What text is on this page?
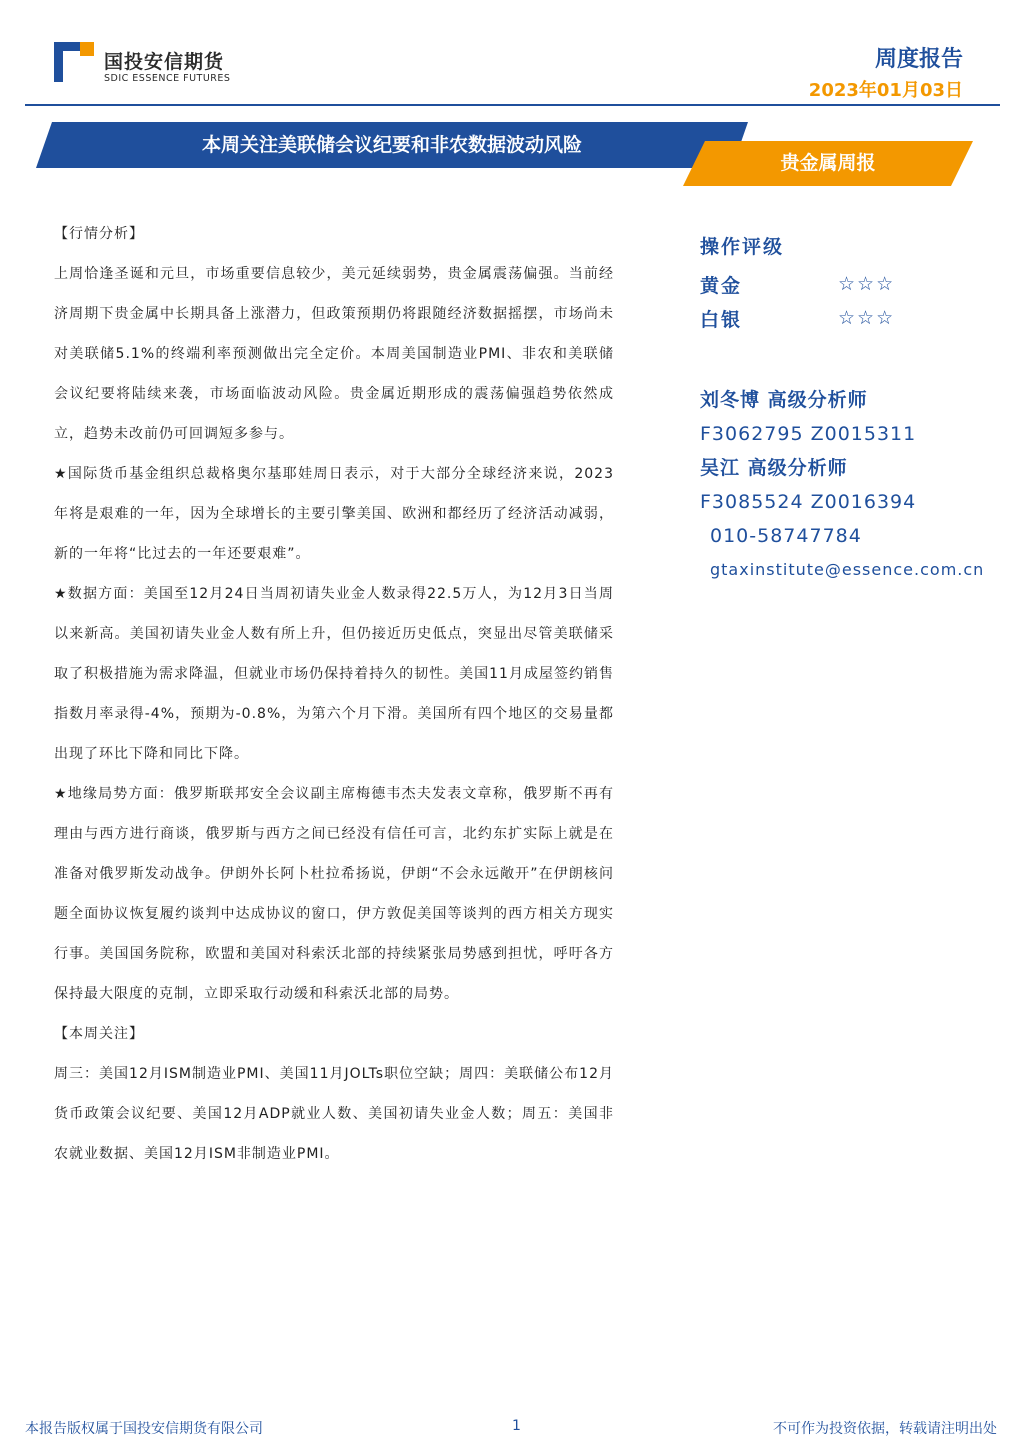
国投安信期货
SDIC ESSENCE FUTURES
周度报告
2023年01月03日
本周关注美联储会议纪要和非农数据波动风险
贵金属周报

【行情分析】

上周恰逢圣诞和元旦，市场重要信息较少，美元延续弱势，贵金属震荡偏强。当前经济周期下贵金属中长期具备上涨潜力，但政策预期仍将跟随经济数据摇摆，市场尚未对美联储5.1%的终端利率预测做出完全定价。本周美国制造业PMI、非农和美联储会议纪要将陆续来袭，市场面临波动风险。贵金属近期形成的震荡偏强趋势依然成立，趋势未改前仍可回调短多参与。

★国际货币基金组织总裁格奥尔基耶娃周日表示，对于大部分全球经济来说，2023年将是艰难的一年，因为全球增长的主要引擎美国、欧洲和都经历了经济活动减弱，新的一年将“比过去的一年还要艰难”。

★数据方面：美国至12月24日当周初请失业金人数录得22.5万人，为12月3日当周以来新高。美国初请失业金人数有所上升，但仍接近历史低点，突显出尽管美联储采取了积极措施为需求降温，但就业市场仍保持着持久的韧性。美国11月成屋签约销售指数月率录得-4%，预期为-0.8%，为第六个月下滑。美国所有四个地区的交易量都出现了环比下降和同比下降。

★地缘局势方面：俄罗斯联邦安全会议副主席梅德韦杰夫发表文章称，俄罗斯不再有理由与西方进行商谈，俄罗斯与西方之间已经没有信任可言，北约东扩实际上就是在准备对俄罗斯发动战争。伊朗外长阿卜杜拉希扬说，伊朗“不会永远敞开”在伊朗核问题全面协议恢复履约谈判中达成协议的窗口，伊方敦促美国等谈判的西方相关方现实行事。美国国务院称，欧盟和美国对科索沃北部的持续紧张局势感到担忧，呼吁各方保持最大限度的克制，立即采取行动缓和科索沃北部的局势。

【本周关注】

周三：美国12月ISM制造业PMI、美国11月JOLTs职位空缺；周四：美联储公布12月货币政策会议纪要、美国12月ADP就业人数、美国初请失业金人数；周五：美国非农就业数据、美国12月ISM非制造业PMI。

操作评级
黄金	☆☆☆
白银	☆☆☆
刘冬博 高级分析师
F3062795 Z0015311
吴江 高级分析师
F3085524 Z0016394
010-58747784
gtaxinstitute@essence.com.cn
本报告版权属于国投安信期货有限公司	1	不可作为投资依据，转载请注明出处
